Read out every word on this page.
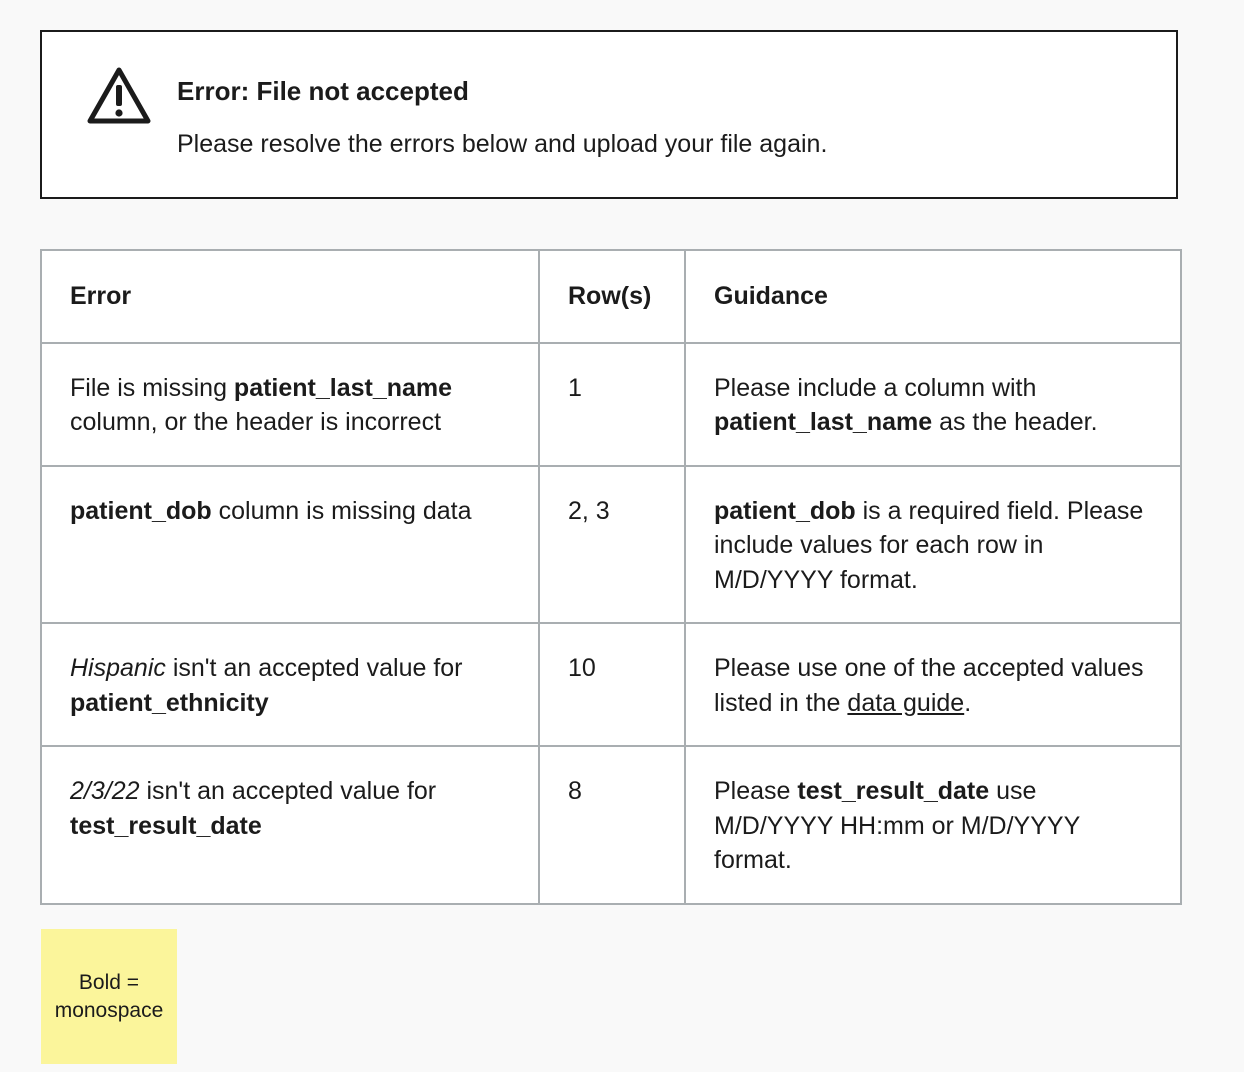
Error: File not accepted

Please resolve the errors below and upload your file again.

Error	Row(s)	Guidance
File is missing patient_last_name column, or the header is incorrect	1	Please include a column with patient_last_name as the header.
patient_dob column is missing data	2, 3	patient_dob is a required field. Please include values for each row in M/D/YYYY format.
Hispanic isn't an accepted value for patient_ethnicity	10	Please use one of the accepted values listed in the data guide.
2/3/22 isn't an accepted value for test_result_date	8	Please test_result_date use M/D/YYYY HH:mm or M/D/YYYY format.
Bold =
monospace
